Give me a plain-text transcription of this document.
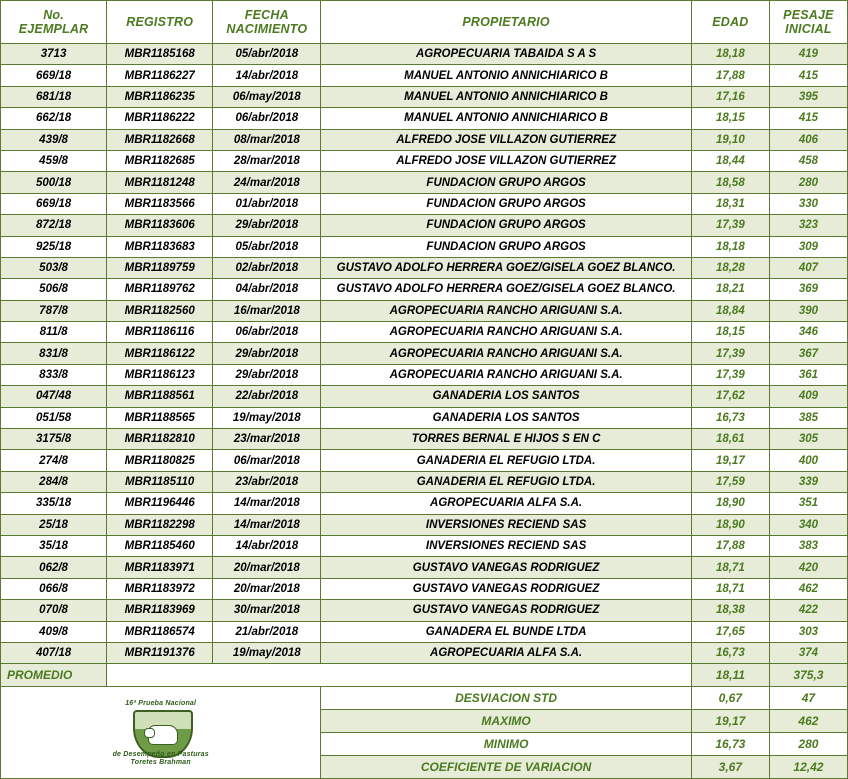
No.
EJEMPLAR	REGISTRO	FECHA NACIMIENTO	PROPIETARIO	EDAD	PESAJE INICIAL
3713	MBR1185168	05/abr/2018	AGROPECUARIA TABAIDA S A S	18,18	419
669/18	MBR1186227	14/abr/2018	MANUEL ANTONIO ANNICHIARICO B	17,88	415
681/18	MBR1186235	06/may/2018	MANUEL ANTONIO ANNICHIARICO B	17,16	395
662/18	MBR1186222	06/abr/2018	MANUEL ANTONIO ANNICHIARICO B	18,15	415
439/8	MBR1182668	08/mar/2018	ALFREDO JOSE VILLAZON GUTIERREZ	19,10	406
459/8	MBR1182685	28/mar/2018	ALFREDO JOSE VILLAZON GUTIERREZ	18,44	458
500/18	MBR1181248	24/mar/2018	FUNDACION GRUPO ARGOS	18,58	280
669/18	MBR1183566	01/abr/2018	FUNDACION GRUPO ARGOS	18,31	330
872/18	MBR1183606	29/abr/2018	FUNDACION GRUPO ARGOS	17,39	323
925/18	MBR1183683	05/abr/2018	FUNDACION GRUPO ARGOS	18,18	309
503/8	MBR1189759	02/abr/2018	GUSTAVO ADOLFO HERRERA GOEZ/GISELA GOEZ BLANCO.	18,28	407
506/8	MBR1189762	04/abr/2018	GUSTAVO ADOLFO HERRERA GOEZ/GISELA GOEZ BLANCO.	18,21	369
787/8	MBR1182560	16/mar/2018	AGROPECUARIA RANCHO ARIGUANI S.A.	18,84	390
811/8	MBR1186116	06/abr/2018	AGROPECUARIA RANCHO ARIGUANI S.A.	18,15	346
831/8	MBR1186122	29/abr/2018	AGROPECUARIA RANCHO ARIGUANI S.A.	17,39	367
833/8	MBR1186123	29/abr/2018	AGROPECUARIA RANCHO ARIGUANI S.A.	17,39	361
047/48	MBR1188561	22/abr/2018	GANADERIA LOS SANTOS	17,62	409
051/58	MBR1188565	19/may/2018	GANADERIA LOS SANTOS	16,73	385
3175/8	MBR1182810	23/mar/2018	TORRES BERNAL E HIJOS S EN C	18,61	305
274/8	MBR1180825	06/mar/2018	GANADERIA EL REFUGIO LTDA.	19,17	400
284/8	MBR1185110	23/abr/2018	GANADERIA EL REFUGIO LTDA.	17,59	339
335/18	MBR1196446	14/mar/2018	AGROPECUARIA ALFA S.A.	18,90	351
25/18	MBR1182298	14/mar/2018	INVERSIONES RECIEND SAS	18,90	340
35/18	MBR1185460	14/abr/2018	INVERSIONES RECIEND SAS	17,88	383
062/8	MBR1183971	20/mar/2018	GUSTAVO VANEGAS RODRIGUEZ	18,71	420
066/8	MBR1183972	20/mar/2018	GUSTAVO VANEGAS RODRIGUEZ	18,71	462
070/8	MBR1183969	30/mar/2018	GUSTAVO VANEGAS RODRIGUEZ	18,38	422
409/8	MBR1186574	21/abr/2018	GANADERA EL BUNDE LTDA	17,65	303
407/18	MBR1191376	19/may/2018	AGROPECUARIA ALFA S.A.	16,73	374
PROMEDIO				18,11	375,3

16ª Prueba Nacional
de Desempeño en Pasturas
Toretes Brahman			DESVIACION STD	0,67	47
			MAXIMO	19,17	462
			MINIMO	16,73	280
			COEFICIENTE DE VARIACION	3,67	12,42
